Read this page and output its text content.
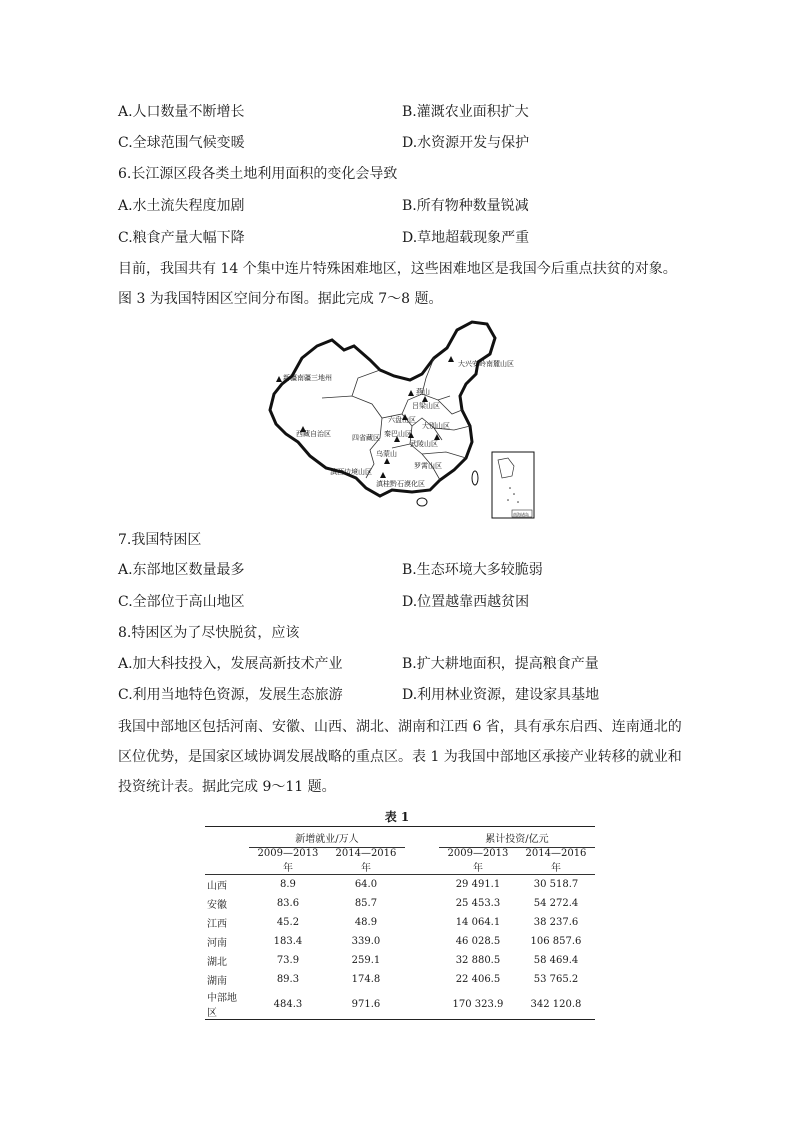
A.人口数量不断增长	B.灌溉农业面积扩大
C.全球范围气候变暖	D.水资源开发与保护
6.长江源区段各类土地利用面积的变化会导致
A.水土流失程度加剧	B.所有物种数量锐减
C.粮食产量大幅下降	D.草地超载现象严重
目前，我国共有 14 个集中连片特殊困难地区，这些困难地区是我国今后重点扶贫的对象。
图 3 为我国特困区空间分布图。据此完成 7～8 题。
大兴安岭南麓山区
新疆南疆三地州
燕山
西藏自治区	四省藏区
六盘山区
滇西边境山区
乌蒙山
武陵山区
滇桂黔石漠化区
秦巴山区
吕梁山区
大别山区
罗霄山区
南海诸岛
7.我国特困区
A.东部地区数量最多	B.生态环境大多较脆弱
C.全部位于高山地区	D.位置越靠西越贫困
8.特困区为了尽快脱贫，应该
A.加大科技投入，发展高新技术产业	B.扩大耕地面积，提高粮食产量
C.利用当地特色资源，发展生态旅游	D.利用林业资源，建设家具基地
我国中部地区包括河南、安徽、山西、湖北、湖南和江西 6 省，具有承东启西、连南通北的
区位优势，是国家区域协调发展战略的重点区。表 1 为我国中部地区承接产业转移的就业和
投资统计表。据此完成 9～11 题。
表 1
	新增就业/万人			累计投资/亿元	
	2009—2013 年	2014—2016 年		2009—2013 年	2014—2016 年
山西	8.9	64.0		29 491.1	30 518.7
安徽	83.6	85.7		25 453.3	54 272.4
江西	45.2	48.9		14 064.1	38 237.6
河南	183.4	339.0		46 028.5	106 857.6
湖北	73.9	259.1		32 880.5	58 469.4
湖南	89.3	174.8		22 406.5	53 765.2
中部地区	484.3	971.6		170 323.9	342 120.8
